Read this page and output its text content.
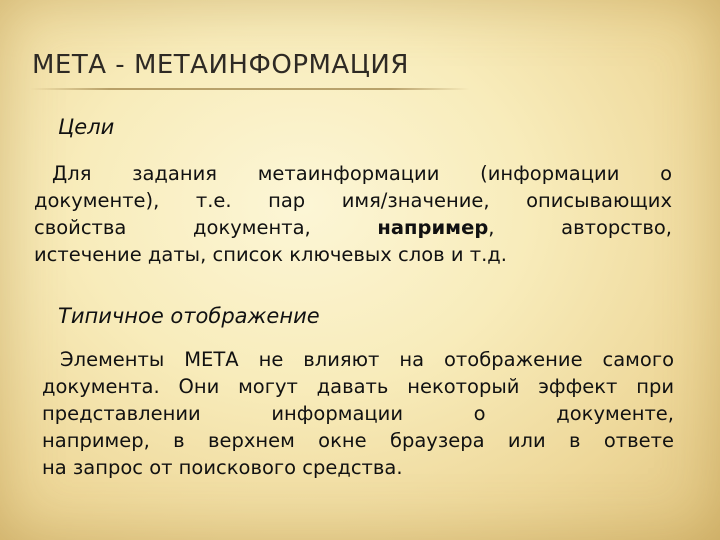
МЕТА - МЕТАИНФОРМАЦИЯ
Цели

Для задания метаинформации (информации о
документе), т.е. пар имя/значение, описывающих
свойства документа, например, авторство,
истечение даты, список ключевых слов и т.д.

Типичное отображение

Элементы МЕТА не влияют на отображение самого
документа. Они могут давать некоторый эффект при
представлении информации о документе,
например, в верхнем окне браузера или в ответе
на запрос от поискового средства.
